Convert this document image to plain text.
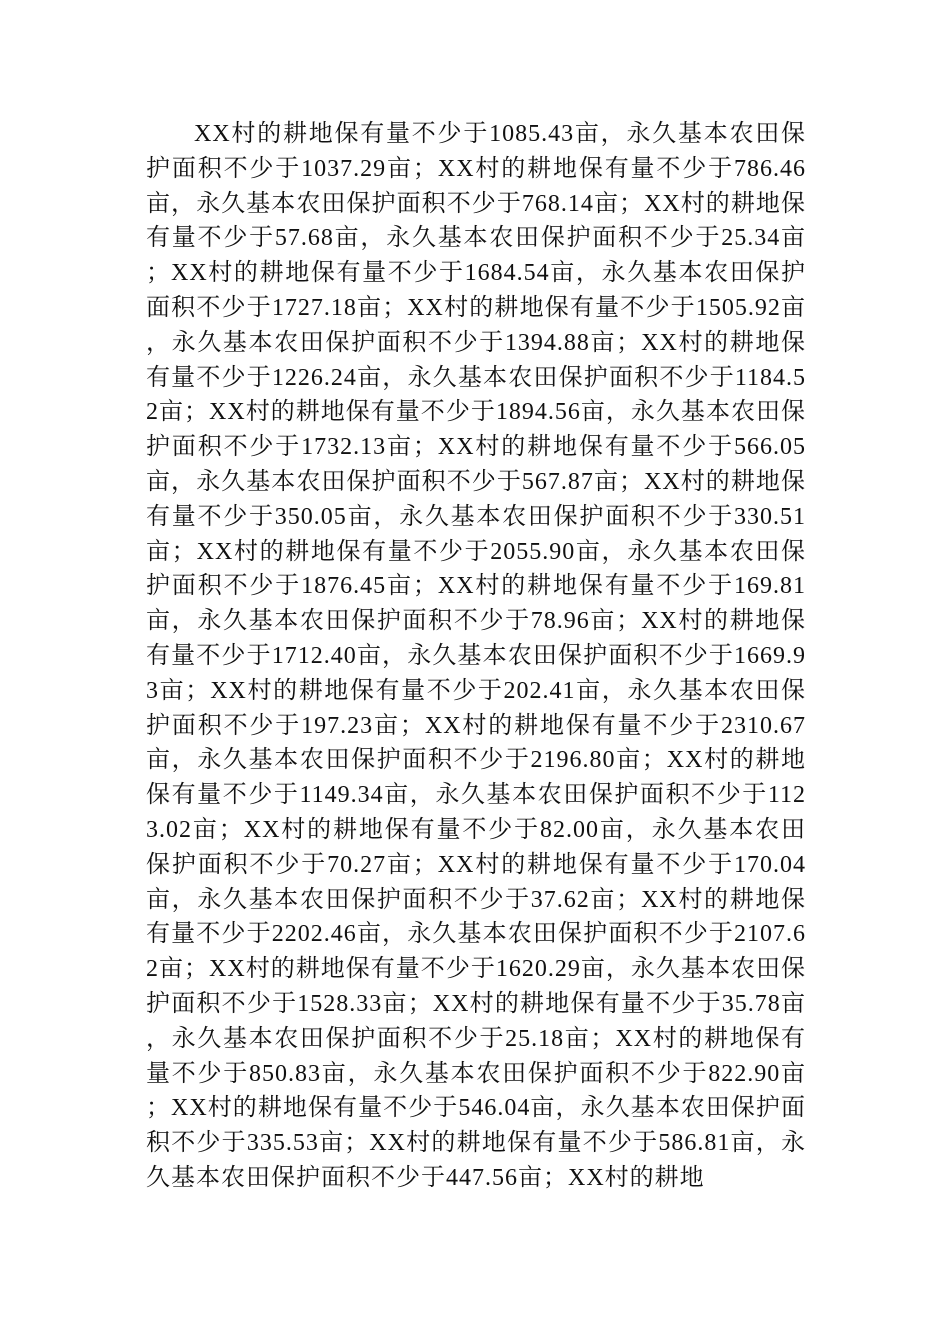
XX村的耕地保有量不少于1085.43亩，永久基本农田保护面积不少于1037.29亩；XX村的耕地保有量不少于786.46亩，永久基本农田保护面积不少于768.14亩；XX村的耕地保有量不少于57.68亩，永久基本农田保护面积不少于25.34亩；XX村的耕地保有量不少于1684.54亩，永久基本农田保护面积不少于1727.18亩；XX村的耕地保有量不少于1505.92亩，永久基本农田保护面积不少于1394.88亩；XX村的耕地保有量不少于1226.24亩，永久基本农田保护面积不少于1184.52亩；XX村的耕地保有量不少于1894.56亩，永久基本农田保护面积不少于1732.13亩；XX村的耕地保有量不少于566.05亩，永久基本农田保护面积不少于567.87亩；XX村的耕地保有量不少于350.05亩，永久基本农田保护面积不少于330.51亩；XX村的耕地保有量不少于2055.90亩，永久基本农田保护面积不少于1876.45亩；XX村的耕地保有量不少于169.81亩，永久基本农田保护面积不少于78.96亩；XX村的耕地保有量不少于1712.40亩，永久基本农田保护面积不少于1669.93亩；XX村的耕地保有量不少于202.41亩，永久基本农田保护面积不少于197.23亩；XX村的耕地保有量不少于2310.67亩，永久基本农田保护面积不少于2196.80亩；XX村的耕地保有量不少于1149.34亩，永久基本农田保护面积不少于1123.02亩；XX村的耕地保有量不少于82.00亩，永久基本农田保护面积不少于70.27亩；XX村的耕地保有量不少于170.04亩，永久基本农田保护面积不少于37.62亩；XX村的耕地保有量不少于2202.46亩，永久基本农田保护面积不少于2107.62亩；XX村的耕地保有量不少于1620.29亩，永久基本农田保护面积不少于1528.33亩；XX村的耕地保有量不少于35.78亩，永久基本农田保护面积不少于25.18亩；XX村的耕地保有量不少于850.83亩，永久基本农田保护面积不少于822.90亩；XX村的耕地保有量不少于546.04亩，永久基本农田保护面积不少于335.53亩；XX村的耕地保有量不少于586.81亩，永久基本农田保护面积不少于447.56亩；XX村的耕地
